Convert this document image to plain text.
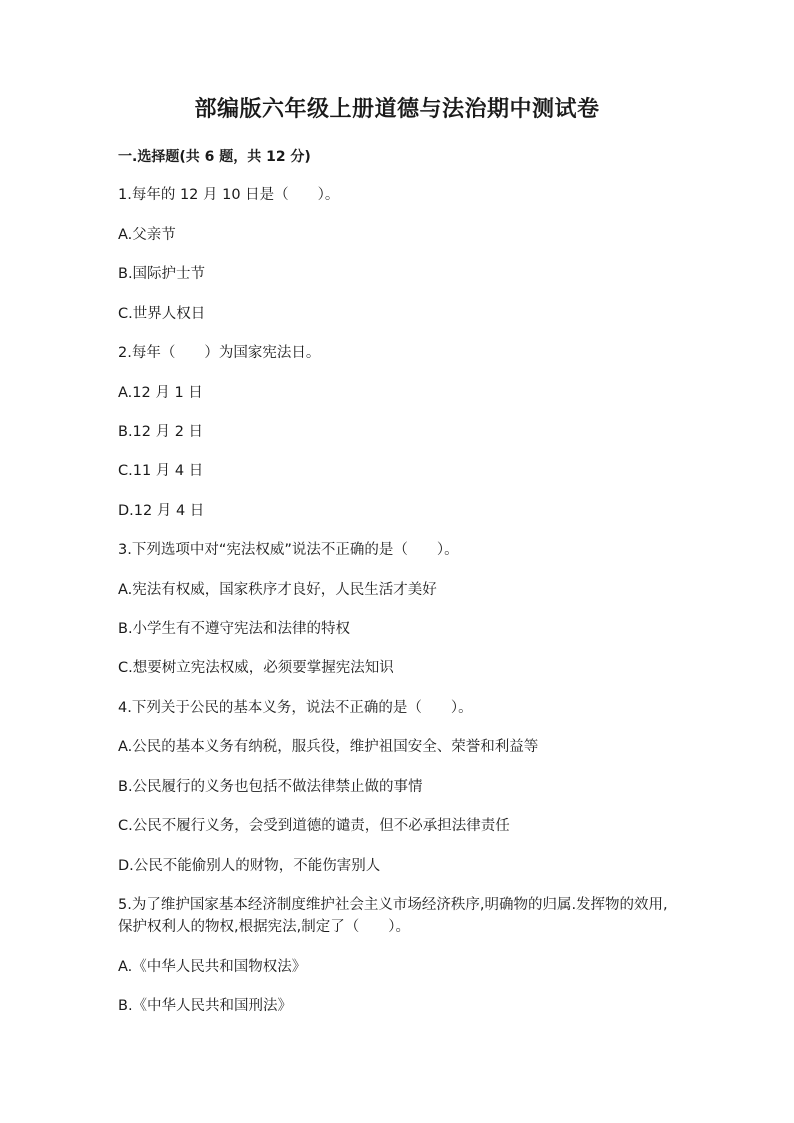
部编版六年级上册道德与法治期中测试卷
一.选择题(共 6 题，共 12 分)
1.每年的 12 月 10 日是（　　）。
A.父亲节
B.国际护士节
C.世界人权日
2.每年（　　）为国家宪法日。
A.12 月 1 日
B.12 月 2 日
C.11 月 4 日
D.12 月 4 日
3.下列选项中对“宪法权威”说法不正确的是（　　）。
A.宪法有权威，国家秩序才良好，人民生活才美好
B.小学生有不遵守宪法和法律的特权
C.想要树立宪法权威，必须要掌握宪法知识
4.下列关于公民的基本义务，说法不正确的是（　　）。
A.公民的基本义务有纳税，服兵役，维护祖国安全、荣誉和利益等
B.公民履行的义务也包括不做法律禁止做的事情
C.公民不履行义务，会受到道德的谴责，但不必承担法律责任
D.公民不能偷别人的财物，不能伤害别人
5.为了维护国家基本经济制度维护社会主义市场经济秩序,明确物的归属.发挥物的效用,保护权利人的物权,根据宪法,制定了（　　）。
A.《中华人民共和国物权法》
B.《中华人民共和国刑法》
